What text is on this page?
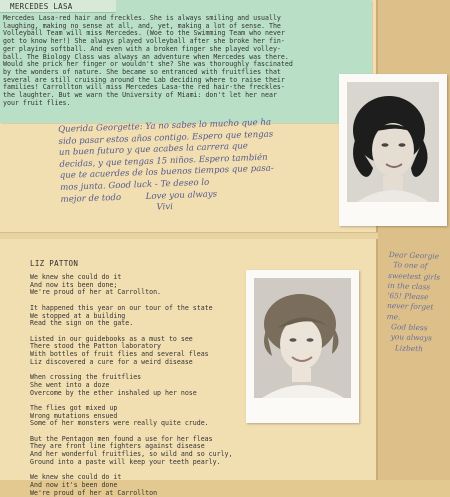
MERCEDES LASA
Mercedes Lasa-red hair and freckles. She is always smiling and usually
laughing, making no sense at all, and, yet, making a lot of sense. The
Volleyball Team will miss Mercedes. (Woe to the Swimming Team who never
got to know her!) She always played volleyball after she broke her fin-
ger playing softball. And even with a broken finger she played volley-
ball. The Biology Class was always an adventure when Mercedes was there.
Would she prick her finger or wouldn't she? She was thoroughly fascinated
by the wonders of nature. She became so entranced with fruitflies that
several are still cruising around the Lab deciding where to raise their
families! Carrollton will miss Mercedes Lasa-the red hair-the freckles-
the laughter. But we warn the University of Miami: don't let her near
your fruit flies.
Querida Georgette: Ya no sabes lo mucho que ha
sido pasar estos años contigo. Espero que tengas
un buen futuro y que acabes la carrera que
decidas, y que tengas 15 niños. Espero también
que te acuerdes de los buenos tiempos que pasa-
mos junta. Good luck - Te deseo lo
mejor de todo         Love you always
Vivi
LIZ PATTON
We knew she could do it
And now its been done;
We're proud of her at Carrollton.

It happened this year on our tour of the state
We stopped at a building
Read the sign on the gate.

Listed in our guidebooks as a must to see
There stood the Patton laboratory
With bottles of fruit flies and several fleas
Liz discovered a cure for a weird disease

When crossing the fruitflies
She went into a doze
Overcome by the ether inshaled up her nose

The flies got mixed up
Wrong mutations ensued
Some of her monsters were really quite crude.

But the Pentagon men found a use for her fleas
They are front line fighters against disease
And her wonderful fruitflies, so wild and so curly,
Ground into a paste will keep your teeth pearly.

We knew she could do it
And now it's been done
We're proud of her at Carrollton
Dear Georgie
To one of
sweetest girls
in the class
'65! Please
never forget
me.
God bless
you always
Lizbeth
